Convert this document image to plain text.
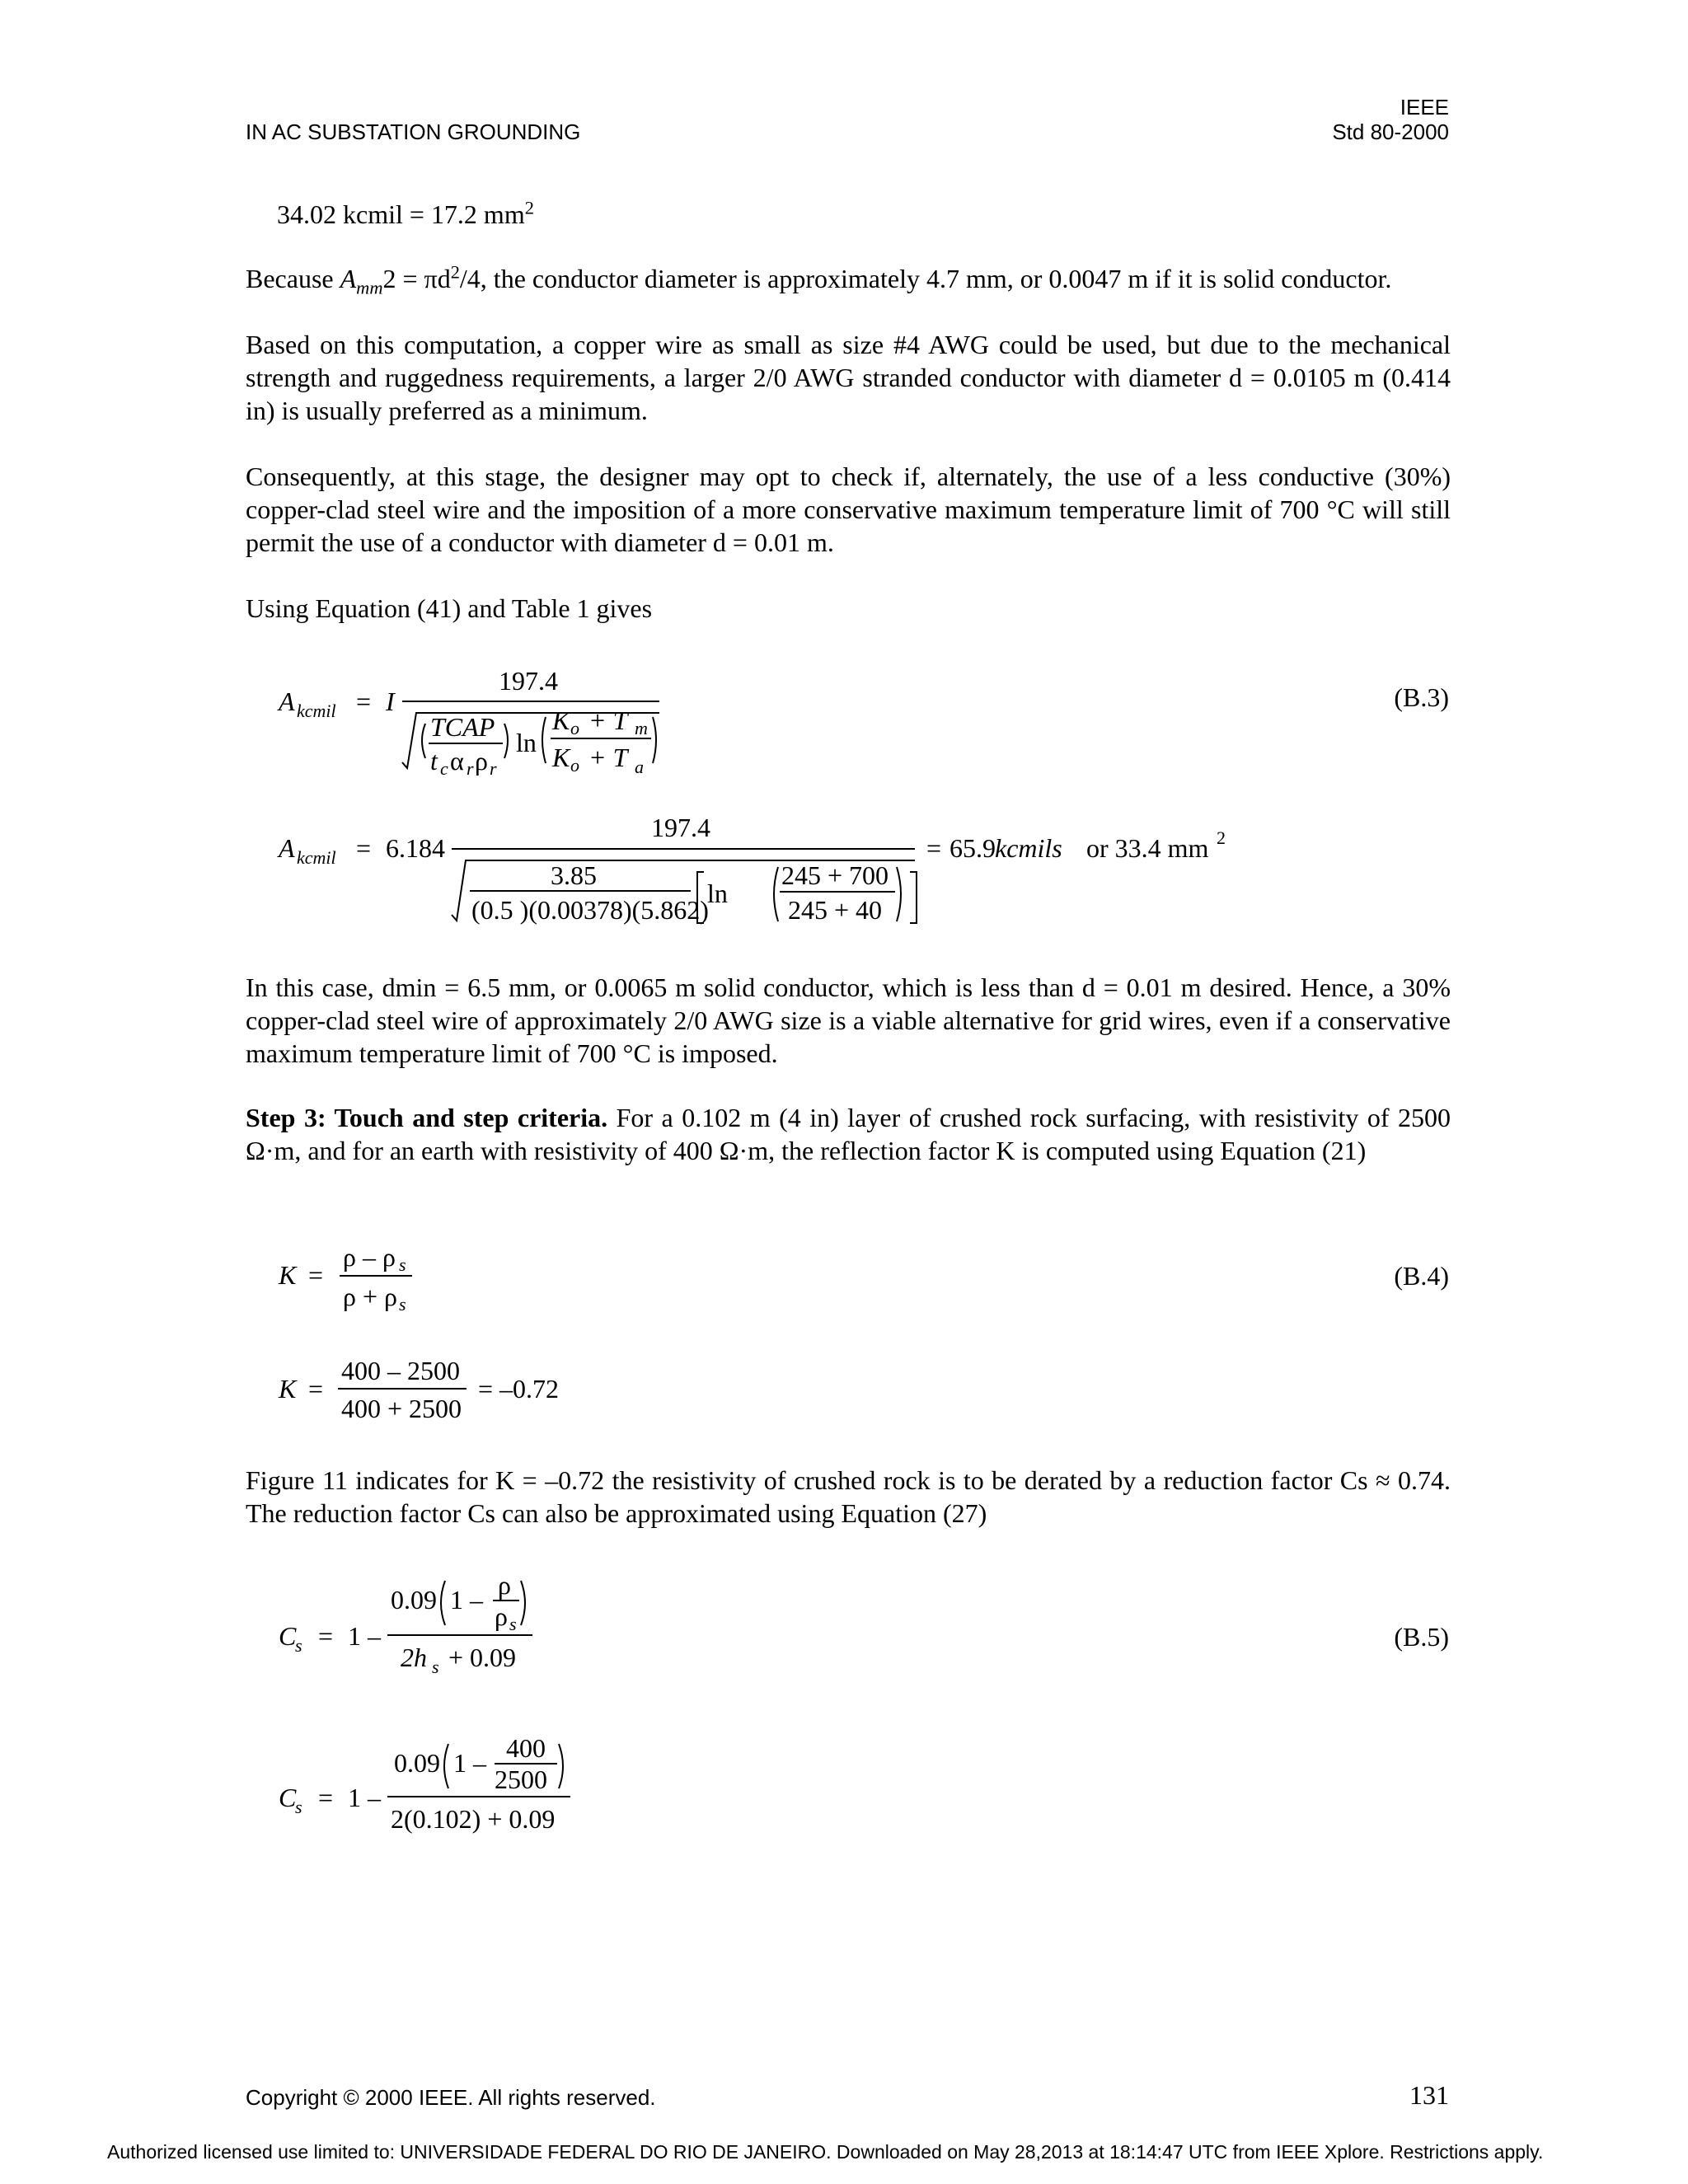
IN AC SUBSTATION GROUNDING
IEEE
Std 80-2000
34.02 kcmil = 17.2 $mm^2$
Because $A_{mm}2 = \pi d^2/4$, the conductor diameter is approximately 4.7 mm, or 0.0047 m if it is solid conductor.
Based on this computation, a copper wire as small as size #4 AWG could be used, but due to the mechanical strength and ruggedness requirements, a larger 2/0 AWG stranded conductor with diameter d = 0.0105 m (0.414 in) is usually preferred as a minimum.
Consequently, at this stage, the designer may opt to check if, alternately, the use of a less conductive (30%) copper-clad steel wire and the imposition of a more conservative maximum temperature limit of 700 °C will still permit the use of a conductor with diameter d = 0.01 m.
Using Equation (41) and Table 1 gives
A kcmil = I
197.4
TCAP
t c α r ρ r
ln
K o + T m
K o + T a
(B.3)
A kcmil = 6.184
197.4
3.85
(0.5 )(0.00378)(5.862)
ln
245 + 700
245 + 40
= 65.9 kcmils or 33.4 mm 2
In this case, dmin = 6.5 mm, or 0.0065 m solid conductor, which is less than d = 0.01 m desired. Hence, a 30% copper-clad steel wire of approximately 2/0 AWG size is a viable alternative for grid wires, even if a conservative maximum temperature limit of 700 °C is imposed.
Step 3: Touch and step criteria. For a 0.102 m (4 in) layer of crushed rock surfacing, with resistivity of 2500 Ω·m, and for an earth with resistivity of 400 Ω·m, the reflection factor K is computed using Equation (21)
K =
ρ – ρ s
ρ + ρ s
(B.4)
K =
400 – 2500
400 + 2500
= –0.72
Figure 11 indicates for K = –0.72 the resistivity of crushed rock is to be derated by a reduction factor Cs ≈ 0.74. The reduction factor Cs can also be approximated using Equation (27)
C
s = 1 –
0.09 1 – ρ
ρ s
2h s + 0.09
(B.5)
C
s = 1 –
0.09 1 – 400
2500
2(0.102) + 0.09
Copyright © 2000 IEEE. All rights reserved.	131
Authorized licensed use limited to: UNIVERSIDADE FEDERAL DO RIO DE JANEIRO. Downloaded on May 28,2013 at 18:14:47 UTC from IEEE Xplore. Restrictions apply.
